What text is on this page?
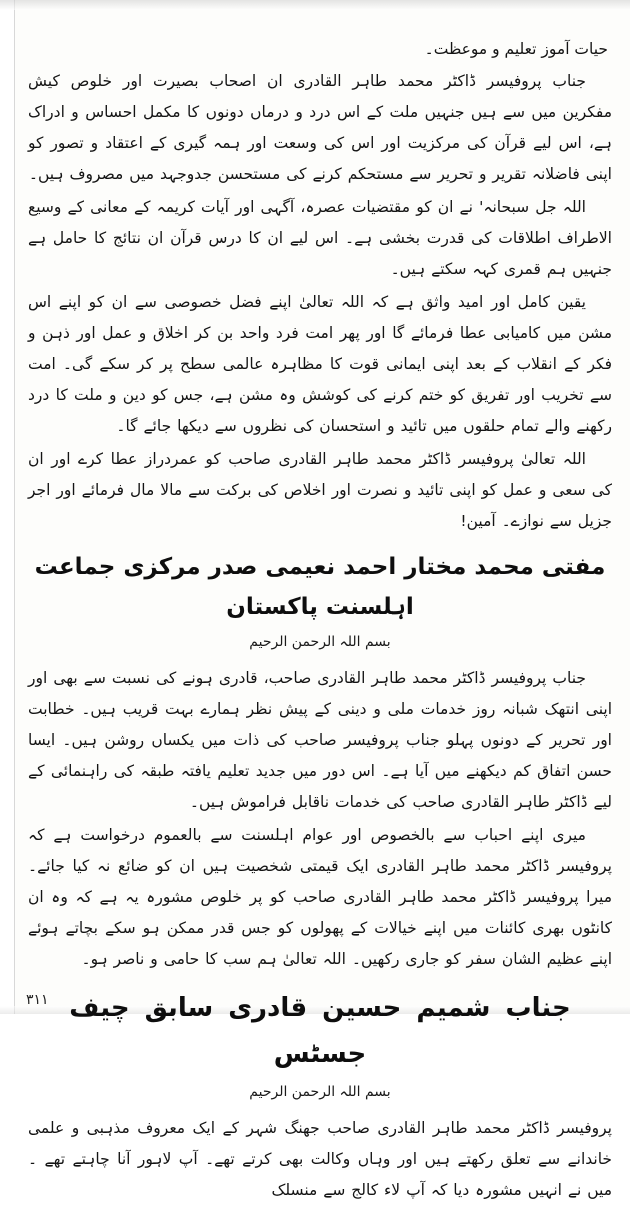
حیات آموز تعلیم و موعظت۔

جناب پروفیسر ڈاکٹر محمد طاہر القادری ان اصحاب بصیرت اور خلوص کیش مفکرین میں سے ہیں جنہیں ملت کے اس درد و درماں دونوں کا مکمل احساس و ادراک ہے، اس لیے قرآن کی مرکزیت اور اس کی وسعت اور ہمہ گیری کے اعتقاد و تصور کو اپنی فاضلانہ تقریر و تحریر سے مستحکم کرنے کی مستحسن جدوجہد میں مصروف ہیں۔

اللہ جل سبحانہ' نے ان کو مقتضیات عصرہ، آگہی اور آیات کریمہ کے معانی کے وسیع الاطراف اطلاقات کی قدرت بخشی ہے۔ اس لیے ان کا درس قرآن ان نتائج کا حامل ہے جنہیں ہم قمری کہہ سکتے ہیں۔

یقین کامل اور امید واثق ہے کہ اللہ تعالیٰ اپنے فضل خصوصی سے ان کو اپنے اس مشن میں کامیابی عطا فرمائے گا اور پھر امت فرد واحد بن کر اخلاق و عمل اور ذہن و فکر کے انقلاب کے بعد اپنی ایمانی قوت کا مظاہرہ عالمی سطح پر کر سکے گی۔ امت سے تخریب اور تفریق کو ختم کرنے کی کوشش وہ مشن ہے، جس کو دین و ملت کا درد رکھنے والے تمام حلقوں میں تائید و استحسان کی نظروں سے دیکھا جائے گا۔

اللہ تعالیٰ پروفیسر ڈاکٹر محمد طاہر القادری صاحب کو عمردراز عطا کرے اور ان کی سعی و عمل کو اپنی تائید و نصرت اور اخلاص کی برکت سے مالا مال فرمائے اور اجر جزیل سے نوازے۔ آمین!

مفتی محمد مختار احمد نعیمی صدر مرکزی جماعت اہلسنت پاکستان
بسم اللہ الرحمن الرحیم

جناب پروفیسر ڈاکٹر محمد طاہر القادری صاحب، قادری ہونے کی نسبت سے بھی اور اپنی انتھک شبانہ روز خدمات ملی و دینی کے پیش نظر ہمارے بہت قریب ہیں۔ خطابت اور تحریر کے دونوں پہلو جناب پروفیسر صاحب کی ذات میں یکساں روشن ہیں۔ ایسا حسن اتفاق کم دیکھنے میں آیا ہے۔ اس دور میں جدید تعلیم یافتہ طبقہ کی راہنمائی کے لیے ڈاکٹر طاہر القادری صاحب کی خدمات ناقابل فراموش ہیں۔

میری اپنے احباب سے بالخصوص اور عوام اہلسنت سے بالعموم درخواست ہے کہ پروفیسر ڈاکٹر محمد طاہر القادری ایک قیمتی شخصیت ہیں ان کو ضائع نہ کیا جائے۔ میرا پروفیسر ڈاکٹر محمد طاہر القادری صاحب کو پر خلوص مشورہ یہ ہے کہ وہ ان کانٹوں بھری کائنات میں اپنے خیالات کے پھولوں کو جس قدر ممکن ہو سکے بچاتے ہوئے اپنے عظیم الشان سفر کو جاری رکھیں۔ اللہ تعالیٰ ہم سب کا حامی و ناصر ہو۔

جناب شمیم حسین قادری سابق چیف جسٹس
بسم اللہ الرحمن الرحیم

پروفیسر ڈاکٹر محمد طاہر القادری صاحب جھنگ شہر کے ایک معروف مذہبی و علمی خاندانے سے تعلق رکھتے ہیں اور وہاں وکالت بھی کرتے تھے۔ آپ لاہور آنا چاہتے تھے ۔ میں نے انہیں مشورہ دیا کہ آپ لاء کالج سے منسلک

٣١١
